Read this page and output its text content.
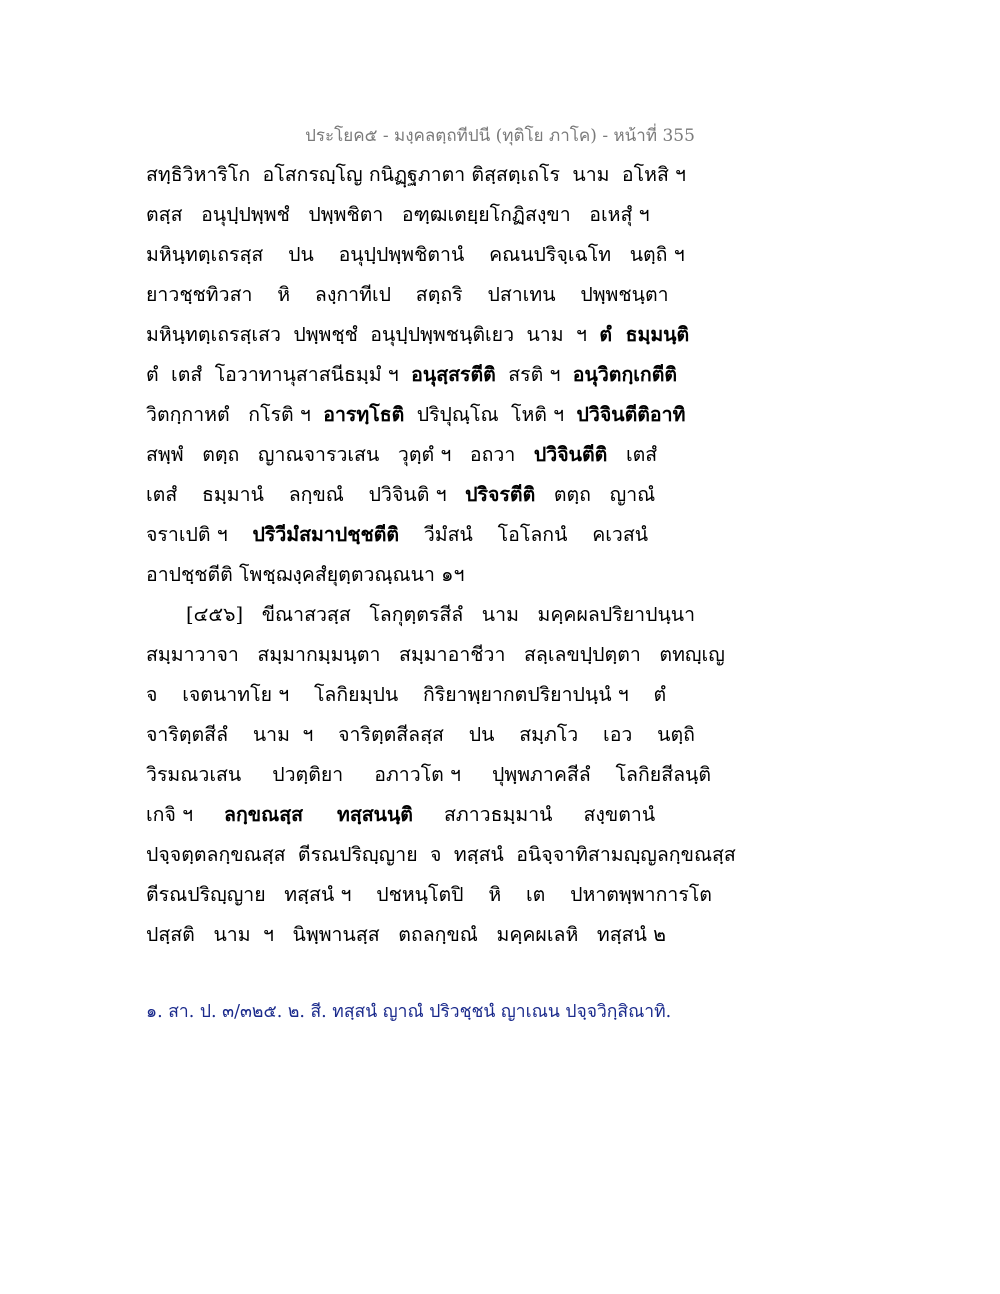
ประโยค๕ - มงฺคลตฺถทีปนี (ทุติโย ภาโค) - หน้าที่ 355
สทฺธิวิหาริโก  อโสกรญฺโญ กนิฏฺฐภาตา ติสฺสตฺเถโร  นาม  อโหสิ ฯ
ตสฺส   อนุปฺปพฺพชํ   ปพฺพชิตา   อฑฺฒเตยฺยโกฏิสงฺขา   อเหสุํ ฯ
มหินฺทตฺเถรสฺส    ปน    อนุปฺปพฺพชิตานํ    คณนปริจฺเฉโท   นตฺถิ ฯ
ยาวชฺชทิวสา    หิ    ลงฺกาทีเป    สตฺถริ    ปสาเทน    ปพฺพชนฺตา
มหินฺทตฺเถรสฺเสว  ปพฺพชฺชํ  อนุปฺปพฺพชนฺติเยว  นาม  ฯ  ตํ  ธมฺมนฺติ
ตํ  เตสํ  โอวาทานุสาสนีธมฺมํ ฯ  อนุสฺสรตีติ  สรติ ฯ  อนุวิตกฺเกตีติ
วิตกฺกาหตํ   กโรติ ฯ  อารทฺโธติ  ปริปุณฺโณ  โหติ ฯ  ปวิจินตีติอาทิ
สพฺพํ   ตตฺถ   ญาณจารวเสน   วุตฺตํ ฯ   อถวา   ปวิจินตีติ   เตสํ
เตสํ    ธมฺมานํ    ลกฺขณํ    ปวิจินติ ฯ   ปริจรตีติ   ตตฺถ   ญาณํ
จราเปติ ฯ    ปริวีมํสมาปชฺชตีติ    วีมํสนํ    โอโลกนํ    คเวสนํ
อาปชฺชตีติ โพชฺฌงฺคสํยุตฺตวณฺณนา ๑ฯ
[๔๕๖]   ขีณาสวสฺส   โลกุตฺตรสีลํ   นาม   มคฺคผลปริยาปนฺนา
สมฺมาวาจา   สมฺมากมฺมนฺตา   สมฺมาอาชีวา   สลฺเลขปฺปตฺตา   ตทญฺเญ
จ    เจตนาทโย ฯ    โลกิยมฺปน    กิริยาพฺยากตปริยาปนฺนํ ฯ    ตํ
จาริตฺตสีลํ    นาม  ฯ    จาริตฺตสีลสฺส    ปน    สมฺภโว    เอว    นตฺถิ
วิรมณวเสน     ปวตฺติยา     อภาวโต ฯ     ปุพฺพภาคสีลํ    โลกิยสีลนฺติ
เกจิ ฯ     ลกฺขณสฺส     ทสฺสนนฺติ     สภาวธมฺมานํ     สงฺขตานํ
ปจฺจตฺตลกฺขณสฺส  ตีรณปริญฺญาย  จ  ทสฺสนํ  อนิจฺจาทิสามญฺญลกฺขณสฺส
ตีรณปริญฺญาย   ทสฺสนํ ฯ    ปชหนฺโตปิ    หิ    เต    ปหาตพฺพาการโต
ปสฺสติ   นาม  ฯ   นิพฺพานสฺส   ตถลกฺขณํ   มคฺคผเลหิ   ทสฺสนํ ๒
๑. สา. ป. ๓/๓๒๕. ๒. สี. ทสฺสนํ ญาณํ ปริวชฺชนํ ญาเณน ปจฺจวิกฺสิณาทิ.
